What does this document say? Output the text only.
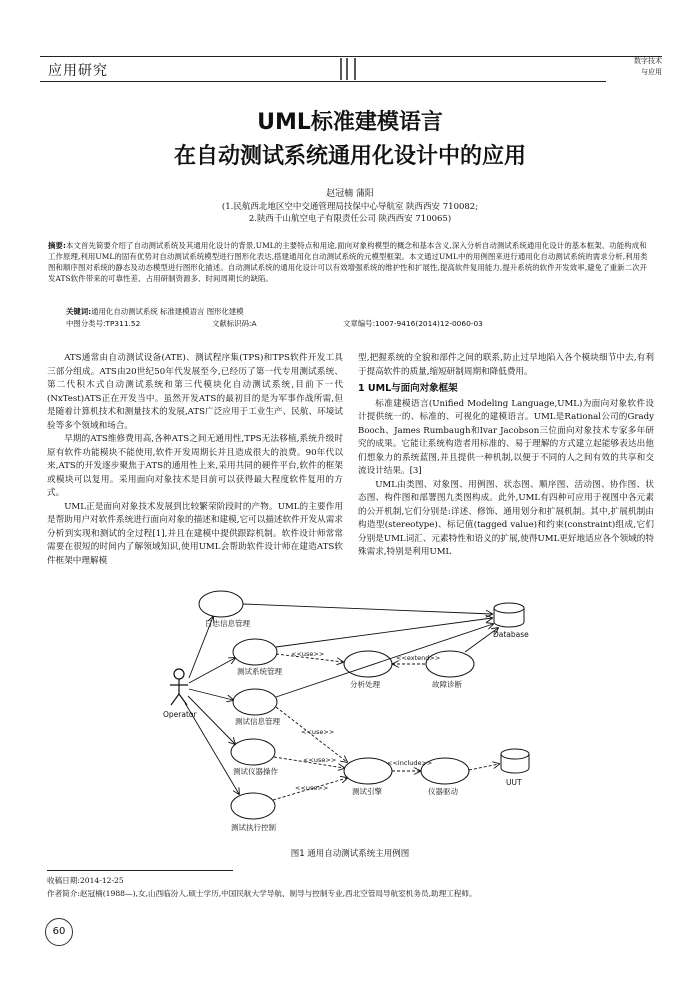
应用研究
数字技术
与应用
UML标准建模语言
在自动测试系统通用化设计中的应用
赵冠楠 蒲阳
(1.民航西北地区空中交通管理局技保中心导航室 陕西西安 710082;
2.陕西千山航空电子有限责任公司 陕西西安 710065)
摘要:本文首先简要介绍了自动测试系统及其通用化设计的背景,UML的主要特点和用途,面向对象构模型的概念和基本含义,深入分析自动测试系统通用化设计的基本框架、功能构成和工作原理,利用UML的固有优势对自动测试系统模型进行图形化表达,搭建通用化自动测试系统的元模型框架。本文通过UML中的用例图来进行通用化自动测试系统的需求分析,利用类图和顺序图对系统的静态及动态模型进行图形化描述。自动测试系统的通用化设计可以有效增强系统的维护性和扩展性,提高软件复用能力,提升系统的软件开发效率,避免了重新二次开发ATS软件带来的可靠性差、占用研制资源多、时间周期长的缺陷。
关键词:通用化自动测试系统 标准建模语言 图形化建模
中图分类号:TP311.52	文献标识码:A	文章编号:1007-9416(2014)12-0060-03

ATS通常由自动测试设备(ATE)、测试程序集(TPS)和TPS软件开发工具三部分组成。ATS由20世纪50年代发展至今,已经历了第一代专用测试系统、第二代积木式自动测试系统和第三代模块化自动测试系统,目前下一代(NxTest)ATS正在开发当中。虽然开发ATS的最初目的是为军事作战所需,但是随着计算机技术和测量技术的发展,ATS广泛应用于工业生产、民航、环境试验等多个领域和场合。

早期的ATS维修费用高,各种ATS之间无通用性,TPS无法移植,系统升级时原有软件功能模块不能使用,软件开发周期长并且造成很大的浪费。90年代以来,ATS的开发逐步聚焦于ATS的通用性上来,采用共同的硬件平台,软件的框架或模块可以复用。采用面向对象技术是目前可以获得最大程度软件复用的方式。

UML正是面向对象技术发展到比较繁荣阶段时的产物。UML的主要作用是帮助用户对软件系统进行面向对象的描述和建模,它可以描述软件开发从需求分析到实现和测试的全过程[1],并且在建模中提供跟踪机制。软件设计师常常需要在很短的时间内了解领域知识,使用UML会帮助软件设计师在建造ATS软件框架中理解模

型,把握系统的全貌和部件之间的联系,防止过早地陷入各个模块细节中去,有利于提高软件的质量,缩短研制周期和降低费用。

1 UML与面向对象框架

标准建模语言(Unified Modeling Language,UML)为面向对象软件设计提供统一的、标准的、可视化的建模语言。UML是Rational公司的Grady Booch、James Rumbaugh和Ivar Jacobson三位面向对象技术专家多年研究的成果。它能让系统构造者用标准的、易于理解的方式建立起能够表达出他们想象力的系统蓝图,并且提供一种机制,以便于不同的人之间有效的共享和交流设计结果。[3]

UML由类图、对象图、用例图、状态图、顺序图、活动图、协作图、状态图、构件图和部署图九类图构成。此外,UML有四种可应用于视图中各元素的公开机制,它们分别是:详述、修饰、通用划分和扩展机制。其中,扩展机制由构造型(stereotype)、标记值(tagged value)和约束(constraint)组成,它们分别是UML词汇、元素特性和语义的扩展,使得UML更好地适应各个领域的特殊需求,特别是利用UML

日志信息管理
测试系统管理
测试信息管理
测试仪器操作
测试执行控制
分析处理	故障诊断
测试引擎	仪器驱动
Database
UUT
Operator
<<use>>	<<extend>>
<<use>>
<<use>>
<<use>>
<<include>>
图1 通用自动测试系统主用例图
收稿日期:2014-12-25
作者简介:赵冠楠(1988—),女,山西临汾人,硕士学历,中国民航大学导航、制导与控制专业,西北空管局导航室机务员,助理工程师。
60
